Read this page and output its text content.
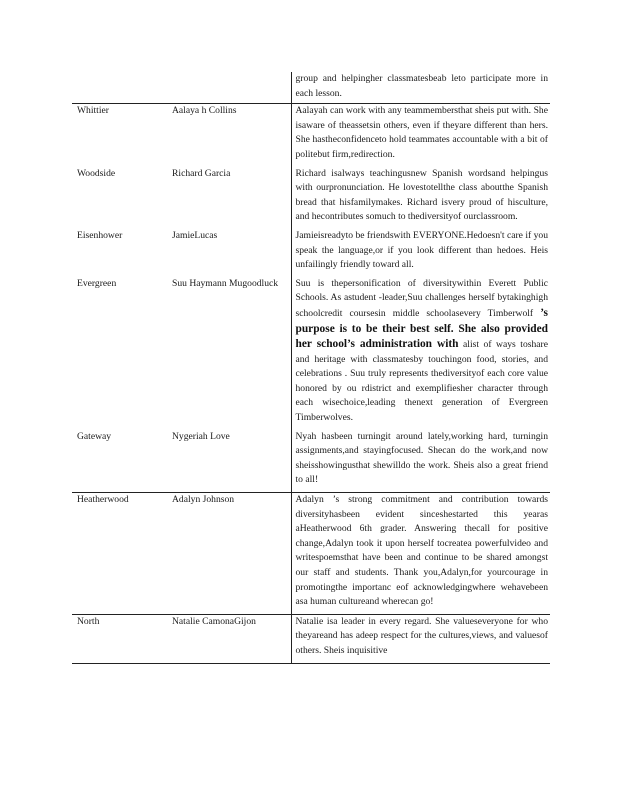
		group and helpingher classmatesbeab leto participate more in each lesson.
Whittier	Aalaya h Collins	Aalayah can work with any teammembersthat sheis put with. She isaware of theassetsin others, even if theyare different than hers. She hastheconfidenceto hold teammates accountable with a bit of politebut firm,redirection.
Woodside	Richard Garcia	Richard isalways teachingusnew Spanish wordsand helpingus with ourpronunciation. He lovestotellthe class aboutthe Spanish bread that hisfamilymakes. Richard isvery proud of hisculture, and hecontributes somuch to thediversityof ourclassroom.
Eisenhower	JamieLucas	Jamieisreadyto be friendswith EVERYONE.Hedoesn't care if you speak the language,or if you look different than hedoes. Heis unfailingly friendly toward all.
Evergreen	Suu Haymann Mugoodluck	Suu is thepersonification of diversitywithin Everett Public Schools. As astudent -leader,Suu challenges herself bytakinghigh schoolcredit coursesin middle schoolasevery Timberwolf ’s purpose is to be their best self. She also provided her school’s administration with alist of ways toshare and heritage with classmatesby touchingon food, stories, and celebrations . Suu truly represents thediversityof each core value honored by ou rdistrict and exemplifiesher character through each wisechoice,leading thenext generation of Evergreen Timberwolves.
Gateway	Nygeriah Love	Nyah hasbeen turningit around lately,working hard, turningin assignments,and stayingfocused. Shecan do the work,and now sheisshowingusthat shewilldo the work. Sheis also a great friend to all!
Heatherwood	Adalyn Johnson	Adalyn ’s strong commitment and contribution towards diversityhasbeen evident sinceshestarted this yearas aHeatherwood 6th grader. Answering thecall for positive change,Adalyn took it upon herself tocreatea powerfulvideo and writespoemsthat have been and continue to be shared amongst our staff and students. Thank you,Adalyn,for yourcourage in promotingthe importanc eof acknowledgingwhere wehavebeen asa human cultureand wherecan go!
North	Natalie CamonaGijon	Natalie isa leader in every regard. She valueseveryone for who theyareand has adeep respect for the cultures,views, and valuesof others. Sheis inquisitive
